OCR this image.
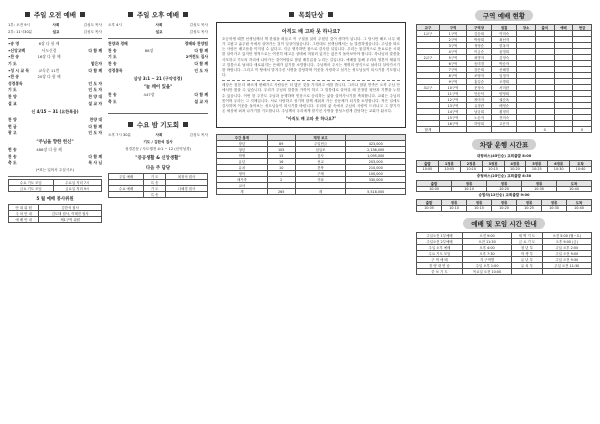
주일 오전 예배
1부: 오전 9시	사회	김성도 목사
2부: 11시30분	설교	김성도 목사
•송 영	6장 다 함 께
•신앙고백	사도신경	다 함 께
•찬 송	16장 다 함 께
기 도	맡은자
•성 시 교 독	교독문 11번	다 함 께
•찬 송	20장 다 함 께
성경봉독	인 도 자
기 도	인 도 자
찬 양	찬 양 대
설 교	설 교 자
신 4/15 ~ 31 (요한복음)
찬 양	찬양 대
헌 금	다 함 께
광 고	인 도 자
"주님을 향한 헌신"
헌 송	486장 다 함 께
찬 송	다 함 께
축 도	목 사 님
(*표는 일어서 주십시오)
수요 기도 모임	수요일 저녁 7시
금요 기도 모임	금요일 저녁 9시
5 월 예배 봉사위원
안 내 위 원	김한석 집사
주 차 안 내	김도태 집사, 이태진 집사
예 배 안 내	제1구역 위원
주일 오후 예배
오후 4시	사회	김성도 목사
설교	김성도 목사
찬양과 경배	경배와 찬양팀
찬 송	88장	다 함 께
기 도	2여전도 집사
찬 송	다 함 께
성경봉독	인 도 자
삼상 3:1 ~ 21 (구약성경)
"늘 깨어 있을"
찬 송	447장	다 함 께
축 도	설 교 자
수요 밤 기도회
오후 7시 30분	사회	김성도 목사
기도 / 김한석 집사
성경본문 / 사도행전 4:1 ~ 12 (신약성경)
"증공생활 & 신앙생활"
다음 주 담당
주일 예배	기 도	최정석 집사
	특 송	
수요 예배	기 도	나혜경 집사
	특 송	
목회단상
아직도 배 고파 못 하나요?

초등학생 때쯤 선생님께서 책 한권을 펴들고 이 구절을 읽어 주셨던 것이 생각이 납니다. 그 당시만 해도 너무 배가 고팠고 굶주림 속에서 살아가는 것이 일상이었습니다. 그런데도 선생님께서는 늘 말씀하셨습니다. 주님을 따르는 사람은 배고픔을 이겨낼 수 있다고. 지금 생각하면 참으로 감사한 일입니다. 우리는 물질적으로 풍요로운 시대를 살아가고 있지만 영적으로는 여전히 배고픈 상태에 머물러 있지는 않은지 돌아보아야 합니다. 하나님의 말씀을 사모하고 기도의 자리에 나아가는 것이야말로 참된 배부름을 누리는 길입니다. 예배를 통해 우리의 영혼이 채워지고 말씀으로 날마다 새로워지는 은혜가 있기를 소망합니다. 주님께서 주시는 생명의 양식으로 날마다 살아가시기를 바랍니다. 그리고 이 땅에서 맡겨주신 사명을 감당하며 이웃을 사랑하고 섬기는 성도님들이 되시기를 기도합니다.

세상은 점점 더 빠르게 변해가고 사람들은 더 많은 것을 가지려고 애를 씁니다. 그러나 참된 만족은 오직 주님 안에서만 찾을 수 있습니다. 우리가 주님의 말씀을 가까이 하고 그 말씀대로 살아갈 때 진정한 평안과 기쁨을 누릴 수 있습니다. 이번 한 주간도 주님과 동행하며 믿음으로 승리하는 삶을 살아가시기를 축복합니다. 교회는 주님의 몸이며 우리는 그 지체입니다. 서로 사랑하고 섬기며 함께 세워져 가는 공동체가 되기를 소망합니다. 작은 일에도 감사하며 이웃을 돌아보는 성도님들이 되시기를 바랍니다. 우리의 삶 속에서 주님의 사랑이 드러나고 그 향기가 온 세상에 퍼져 나가기를 기도합니다. 주님께서 우리에게 맡기신 사명을 충성스럽게 감당하는 교회가 됩시다.

"아직도 배 고파 못 하나요?"
주간 통계		재정 보고	
장년	89	주일헌금	423,000
청년	105	십일조	2,136,000
학생	15	감사	1,095,000
유년	16	선교	203,000
유치	10	건축	210,000
영아	7	구제	100,000
새가족	2	기타	330,000
교사			
계	265	계	5,518,000
구역 예배 현황
교구	구역	구역장	권찰	장소	출석	예배	헌금
1교구	1구역	김순희	이미숙				
	2구역	박정희	최선자				
	3구역	정영순	한옥자				
	4구역	이금순	윤정희				
2교구	5구역	최명자	김영숙				
	6구역	송미경	박순자				
	7구역	강은희	신혜경				
	8구역	조영자	임정자				
	9구역	홍길순	오명희				
3교구	10구역	문정숙	서미란				
	11구역	안순덕	양영희				
	12구역	장미자	권순옥				
	13구역	유정란	배영순				
	14구역	남궁희	황정미				
	15구역	노순자	전미숙				
	16구역	하영희	고은자				
합계					0		0
차량 운행 시간표
대형버스(45인승) 교회출발 8:00
출발	1정류	2정류	3정류	4정류	5정류	6정류	도착
10:00	10:05	10:10	10:15	10:20	10:25	10:30	10:40
중형버스(25인승) 교회출발 8:30
출발	정류	정류	정류	도착
10:00	10:10	10:20	10:30	10:40
승합차(12인승) 교회출발 9:00
출발	정류	정류	정류	정류	정류	도착
10:05	10:10	10:15	10:20	10:25	10:30	10:40
예배 및 모임 시간 안내
주일오전 1부예배	오전 9:00	새 벽 기 도	오전 5:00 (월~토)
주일오전 2부예배	오전 11:30	금 요 기 도	오후 9:00 (금)
주일 오후 예배	오후 4:00	청 년 부	주일 오후 2:00
수요 기도 모임	오후 7:30	학 생 부	주일 오전 9:00
구 역 예 배	각 구역별	유 년 부	주일 오전 9:30
찬 양 대 연 습	주일 오후 1:00	유 치 부	주일 오전 11:30
중 보 기 도	목요일 오전 10:00		
